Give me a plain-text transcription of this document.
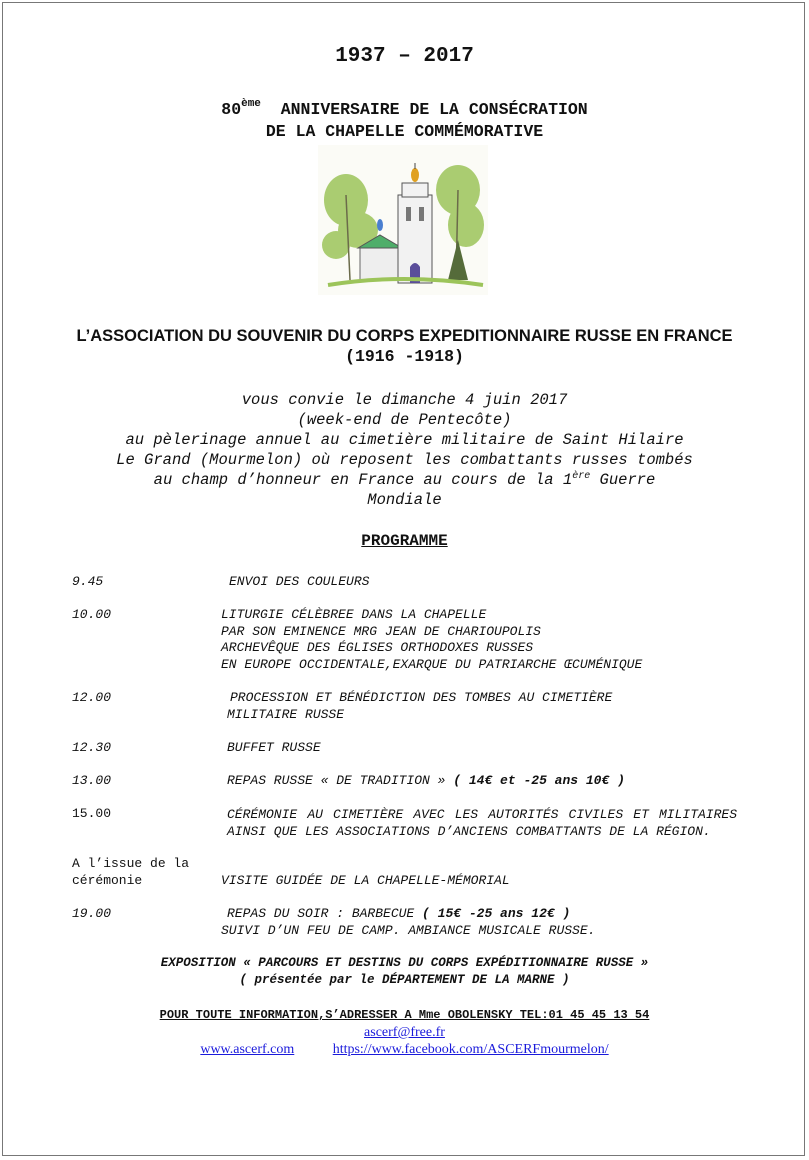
1937 – 2017
80ème ANNIVERSAIRE DE LA CONSÉCRATION
DE LA CHAPELLE COMMÉMORATIVE
L’ASSOCIATION DU SOUVENIR DU CORPS EXPEDITIONNAIRE RUSSE EN FRANCE
(1916 -1918)
vous convie le dimanche 4 juin 2017
(week-end de Pentecôte)
au pèlerinage annuel au cimetière militaire de Saint Hilaire
Le Grand (Mourmelon) où reposent les combattants russes tombés
au champ d’honneur en France au cours de la 1ère Guerre
Mondiale
PROGRAMME
9.45	ENVOI DES COULEURS
10.00	LITURGIE CÉLÈBREE DANS LA CHAPELLE
PAR SON EMINENCE MRG JEAN DE CHARIOUPOLIS
ARCHEVÊQUE DES ÉGLISES ORTHODOXES RUSSES
EN EUROPE OCCIDENTALE,EXARQUE DU PATRIARCHE ŒCUMÉNIQUE
12.00	PROCESSION ET BÉNÉDICTION DES TOMBES AU CIMETIÈRE
MILITAIRE RUSSE
12.30	BUFFET RUSSE
13.00	REPAS RUSSE « DE TRADITION » ( 14€ et -25 ans 10€ )
15.00	CÉRÉMONIE AU CIMETIÈRE AVEC LES AUTORITÉS CIVILES ET MILITAIRES AINSI QUE LES ASSOCIATIONS D’ANCIENS COMBATTANTS DE LA RÉGION.
A l’issue de la
cérémonie	VISITE GUIDÉE DE LA CHAPELLE-MÉMORIAL
19.00	REPAS DU SOIR : BARBECUE ( 15€ -25 ans 12€ )
SUIVI D’UN FEU DE CAMP. AMBIANCE MUSICALE RUSSE.
EXPOSITION « PARCOURS ET DESTINS DU CORPS EXPÉDITIONNAIRE RUSSE »
( présentée par le DÉPARTEMENT DE LA MARNE )
POUR TOUTE INFORMATION,S’ADRESSER A Mme OBOLENSKY TEL:01 45 45 13 54
ascerf@free.fr
www.ascerf.com	https://www.facebook.com/ASCERFmourmelon/
